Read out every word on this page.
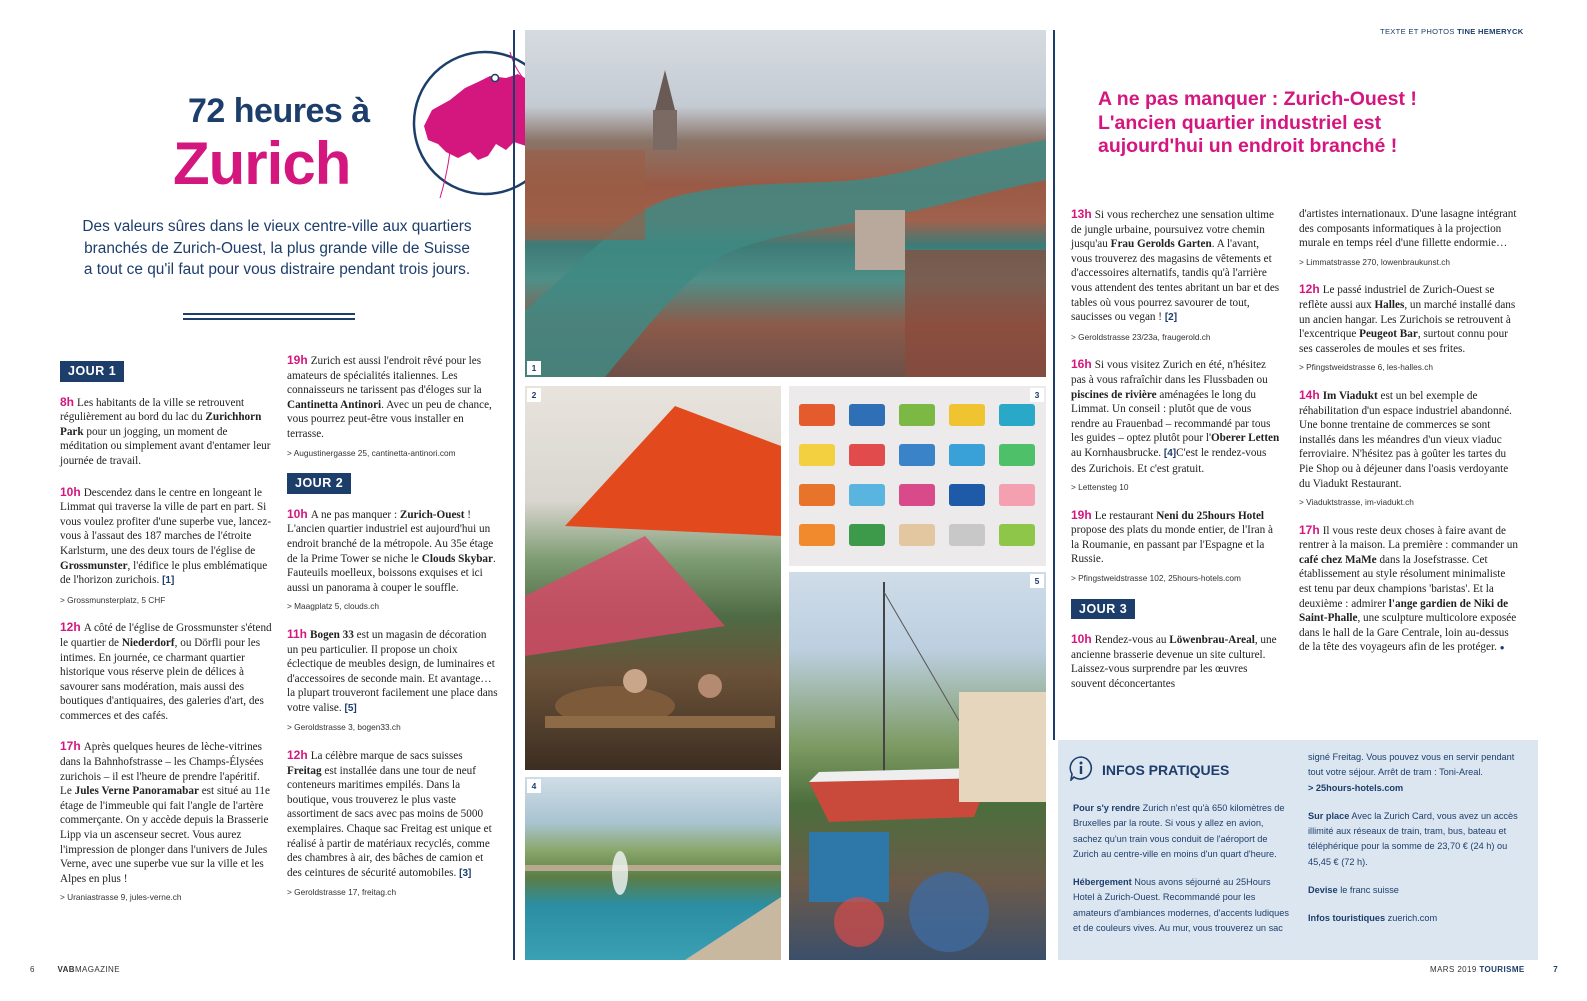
TEXTE ET PHOTOS TINE HEMERYCK
72 heures à
Zurich
Des valeurs sûres dans le vieux centre-ville aux quartiers branchés de Zurich-Ouest, la plus grande ville de Suisse a tout ce qu'il faut pour vous distraire pendant trois jours.
1
2	3
4
5
A ne pas manquer : Zurich-Ouest ! L'ancien quartier industriel est aujourd'hui un endroit branché !
JOUR 1

8h Les habitants de la ville se retrouvent régulièrement au bord du lac du Zurichhorn Park pour un jogging, un moment de méditation ou simplement avant d'entamer leur journée de travail.

10h Descendez dans le centre en longeant le Limmat qui traverse la ville de part en part. Si vous voulez profiter d'une superbe vue, lancez-vous à l'assaut des 187 marches de l'étroite Karlsturm, une des deux tours de l'église de Grossmunster, l'édifice le plus emblématique de l'horizon zurichois. [1]

> Grossmunsterplatz, 5 CHF

12h A côté de l'église de Grossmunster s'étend le quartier de Niederdorf, ou Dörfli pour les intimes. En journée, ce charmant quartier historique vous réserve plein de délices à savourer sans modération, mais aussi des boutiques d'antiquaires, des galeries d'art, des commerces et des cafés.

17h Après quelques heures de lèche-vitrines dans la Bahnhofstrasse – les Champs-Élysées zurichois – il est l'heure de prendre l'apéritif. Le Jules Verne Panoramabar est situé au 11e étage de l'immeuble qui fait l'angle de l'artère commerçante. On y accède depuis la Brasserie Lipp via un ascenseur secret. Vous aurez l'impression de plonger dans l'univers de Jules Verne, avec une superbe vue sur la ville et les Alpes en plus !

> Uraniastrasse 9, jules-verne.ch

19h Zurich est aussi l'endroit rêvé pour les amateurs de spécialités italiennes. Les connaisseurs ne tarissent pas d'éloges sur la Cantinetta Antinori. Avec un peu de chance, vous pourrez peut-être vous installer en terrasse.

> Augustinergasse 25, cantinetta-antinori.com
JOUR 2

10h A ne pas manquer : Zurich-Ouest ! L'ancien quartier industriel est aujourd'hui un endroit branché de la métropole. Au 35e étage de la Prime Tower se niche le Clouds Skybar. Fauteuils moelleux, boissons exquises et ici aussi un panorama à couper le souffle.

> Maagplatz 5, clouds.ch

11h Bogen 33 est un magasin de décoration un peu particulier. Il propose un choix éclectique de meubles design, de luminaires et d'accessoires de seconde main. Et avantage… la plupart trouveront facilement une place dans votre valise. [5]

> Geroldstrasse 3, bogen33.ch

12h La célèbre marque de sacs suisses Freitag est installée dans une tour de neuf conteneurs maritimes empilés. Dans la boutique, vous trouverez le plus vaste assortiment de sacs avec pas moins de 5000 exemplaires. Chaque sac Freitag est unique et réalisé à partir de matériaux recyclés, comme des chambres à air, des bâches de camion et des ceintures de sécurité automobiles. [3]

> Geroldstrasse 17, freitag.ch

13h Si vous recherchez une sensation ultime de jungle urbaine, poursuivez votre chemin jusqu'au Frau Gerolds Garten. A l'avant, vous trouverez des magasins de vêtements et d'accessoires alternatifs, tandis qu'à l'arrière vous attendent des tentes abritant un bar et des tables où vous pourrez savourer de tout, saucisses ou vegan ! [2]

> Geroldstrasse 23/23a, fraugerold.ch

16h Si vous visitez Zurich en été, n'hésitez pas à vous rafraîchir dans les Flussbaden ou piscines de rivière aménagées le long du Limmat. Un conseil : plutôt que de vous rendre au Frauenbad – recommandé par tous les guides – optez plutôt pour l'Oberer Letten au Kornhausbrucke. [4]C'est le rendez-vous des Zurichois. Et c'est gratuit.

> Lettensteg 10

19h Le restaurant Neni du 25hours Hotel propose des plats du monde entier, de l'Iran à la Roumanie, en passant par l'Espagne et la Russie.

> Pfingstweidstrasse 102, 25hours-hotels.com
JOUR 3

10h Rendez-vous au Löwenbrau-Areal, une ancienne brasserie devenue un site culturel. Laissez-vous surprendre par les œuvres souvent déconcertantes

d'artistes internationaux. D'une lasagne intégrant des composants informatiques à la projection murale en temps réel d'une fillette endormie…

> Limmatstrasse 270, lowenbraukunst.ch

12h Le passé industriel de Zurich-Ouest se reflète aussi aux Halles, un marché installé dans un ancien hangar. Les Zurichois se retrouvent à l'excentrique Peugeot Bar, surtout connu pour ses casseroles de moules et ses frites.

> Pfingstweidstrasse 6, les-halles.ch

14h Im Viadukt est un bel exemple de réhabilitation d'un espace industriel abandonné. Une bonne trentaine de commerces se sont installés dans les méandres d'un vieux viaduc ferroviaire. N'hésitez pas à goûter les tartes du Pie Shop ou à déjeuner dans l'oasis verdoyante du Viadukt Restaurant.

> Viaduktstrasse, im-viadukt.ch

17h Il vous reste deux choses à faire avant de rentrer à la maison. La première : commander un café chez MaMe dans la Josefstrasse. Cet établissement au style résolument minimaliste est tenu par deux champions 'baristas'. Et la deuxième : admirer l'ange gardien de Niki de Saint-Phalle, une sculpture multicolore exposée dans le hall de la Gare Centrale, loin au-dessus de la tête des voyageurs afin de les protéger. ●

INFOS PRATIQUES

Pour s'y rendre Zurich n'est qu'à 650 kilomètres de Bruxelles par la route. Si vous y allez en avion, sachez qu'un train vous conduit de l'aéroport de Zurich au centre-ville en moins d'un quart d'heure.

Hébergement Nous avons séjourné au 25Hours Hotel à Zurich-Ouest. Recommandé pour les amateurs d'ambiances modernes, d'accents ludiques et de couleurs vives. Au mur, vous trouverez un sac

signé Freitag. Vous pouvez vous en servir pendant tout votre séjour. Arrêt de tram : Toni-Areal.

> 25hours-hotels.com

Sur place Avec la Zurich Card, vous avez un accès illimité aux réseaux de train, tram, bus, bateau et téléphérique pour la somme de 23,70 € (24 h) ou 45,45 € (72 h).

Devise le franc suisse

Infos touristiques zuerich.com

6	VABMAGAZINE	MARS 2019 TOURISME	7
